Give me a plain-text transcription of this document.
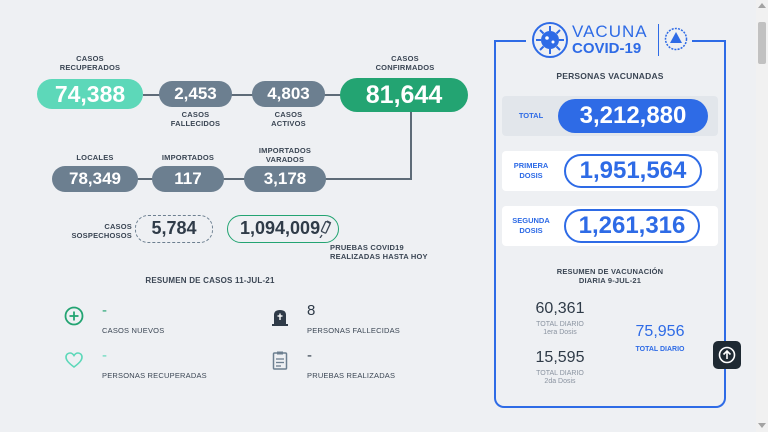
CASOS
RECUPERADOS
74,388	2,453
CASOS
FALLECIDOS
4,803
CASOS
ACTIVOS
CASOS
CONFIRMADOS
81,644
LOCALES
78,349
IMPORTADOS
117
IMPORTADOS
VARADOS
3,178
CASOS
SOSPECHOSOS	5,784	1,094,009
PRUEBAS COVID19
REALIZADAS HASTA HOY
RESUMEN DE CASOS 11-JUL-21
-
CASOS NUEVOS
8
PERSONAS FALLECIDAS
-
PERSONAS RECUPERADAS
-
PRUEBAS REALIZADAS
VACUNA
COVID-19
PERSONAS VACUNADAS
TOTAL	3,212,880
PRIMERA
DOSIS	1,951,564
SEGUNDA
DOSIS	1,261,316
RESUMEN DE VACUNACIÓN
DIARIA 9-JUL-21
60,361
TOTAL DIARIO
1era Dosis
15,595
TOTAL DIARIO
2da Dosis
75,956
TOTAL DIARIO
